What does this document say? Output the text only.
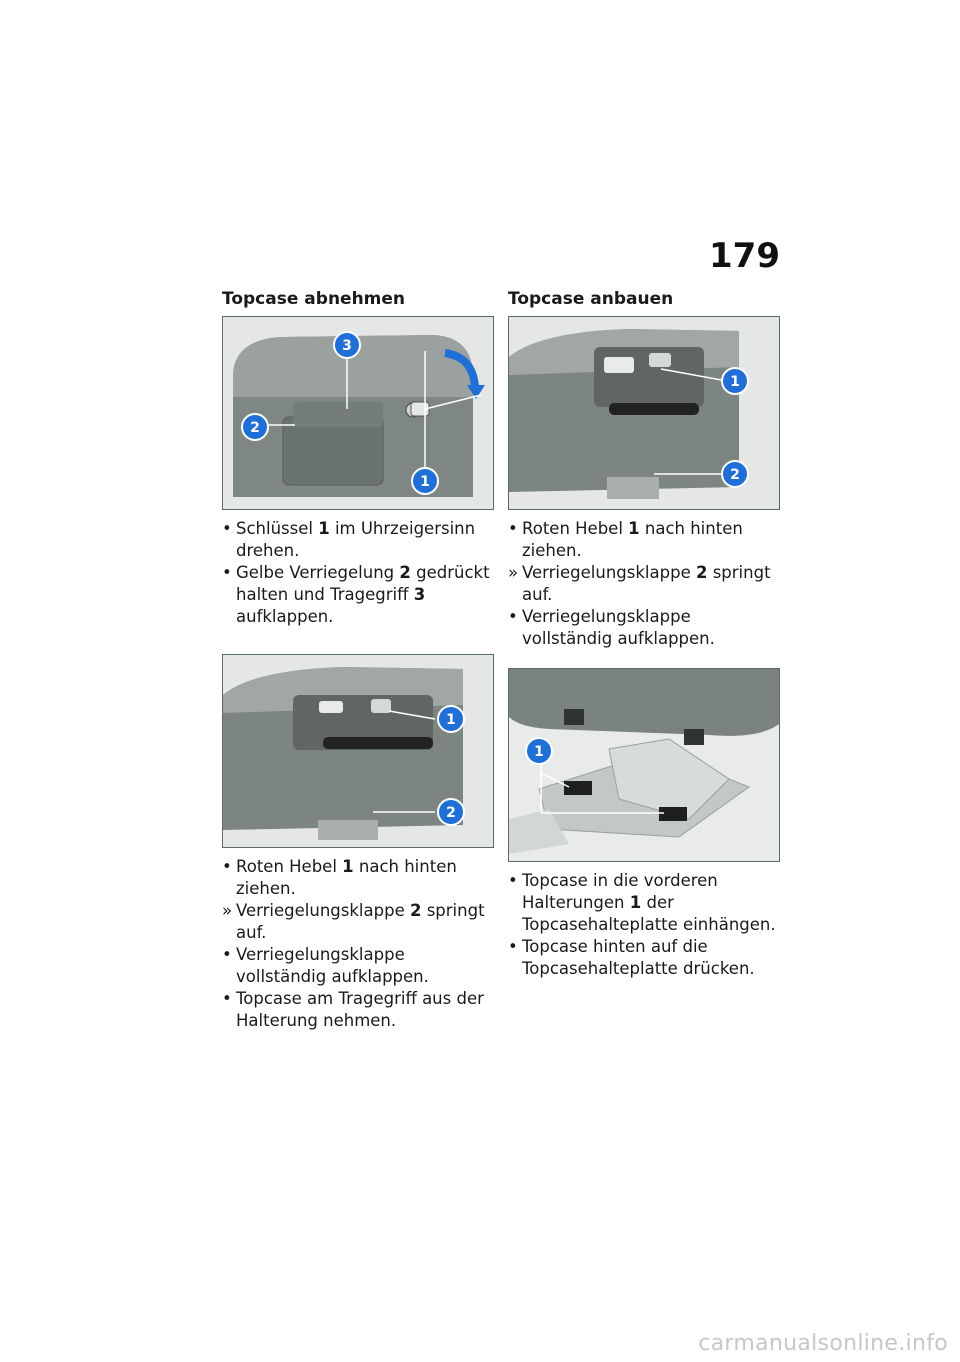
179
Topcase abnehmen
3
2
1
• Schlüssel 1 im Uhrzeigersinn drehen.
• Gelbe Verriegelung 2 gedrückt halten und Tragegriff 3 aufklappen.
1
2
• Roten Hebel 1 nach hinten ziehen.
» Verriegelungsklappe 2 springt auf.
• Verriegelungsklappe vollständig aufklappen.
• Topcase am Tragegriff aus der Halterung nehmen.
Topcase anbauen
1
2
• Roten Hebel 1 nach hinten ziehen.
» Verriegelungsklappe 2 springt auf.
• Verriegelungsklappe vollständig aufklappen.
1
• Topcase in die vorderen Halterungen 1 der Topcasehalteplatte einhängen.
• Topcase hinten auf die Topcasehalteplatte drücken.
carmanualsonline.info
